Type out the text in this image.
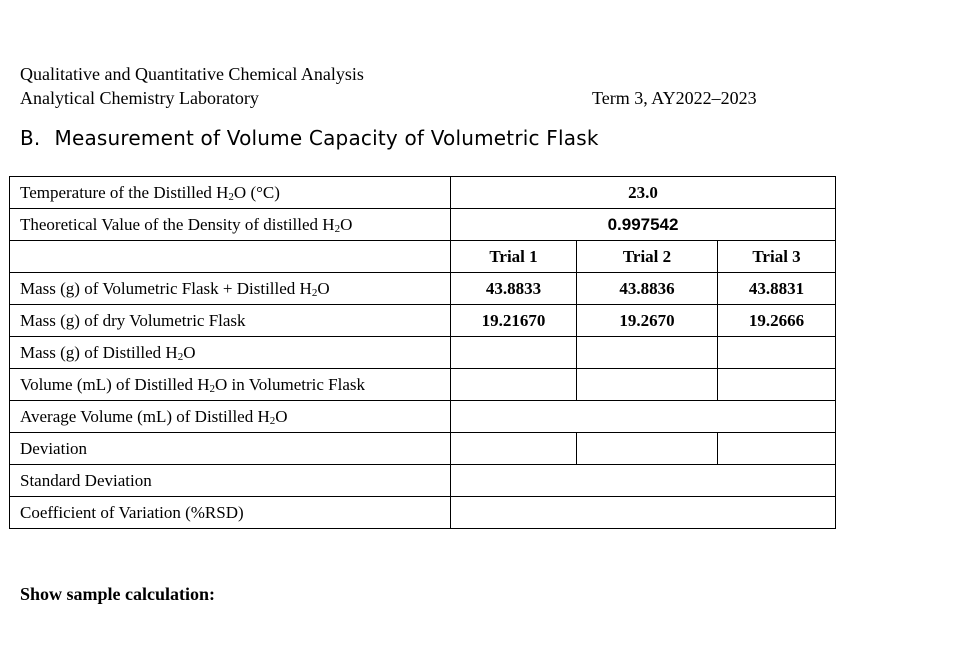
Qualitative and Quantitative Chemical Analysis
Analytical Chemistry Laboratory	Term 3, AY2022–2023
B. Measurement of Volume Capacity of Volumetric Flask
Temperature of the Distilled $H_2O$ (°C)	23.0		
Theoretical Value of the Density of distilled $H_2O$	0.997542		
	Trial 1	Trial 2	Trial 3
Mass (g) of Volumetric Flask + Distilled $H_2O$	43.8833	43.8836	43.8831
Mass (g) of dry Volumetric Flask	19.21670	19.2670	19.2666
Mass (g) of Distilled $H_2O$			
Volume (mL) of Distilled $H_2O$ in Volumetric Flask			
Average Volume (mL) of Distilled $H_2O$			
Deviation			
Standard Deviation			
Coefficient of Variation (%RSD)			
Show sample calculation:
